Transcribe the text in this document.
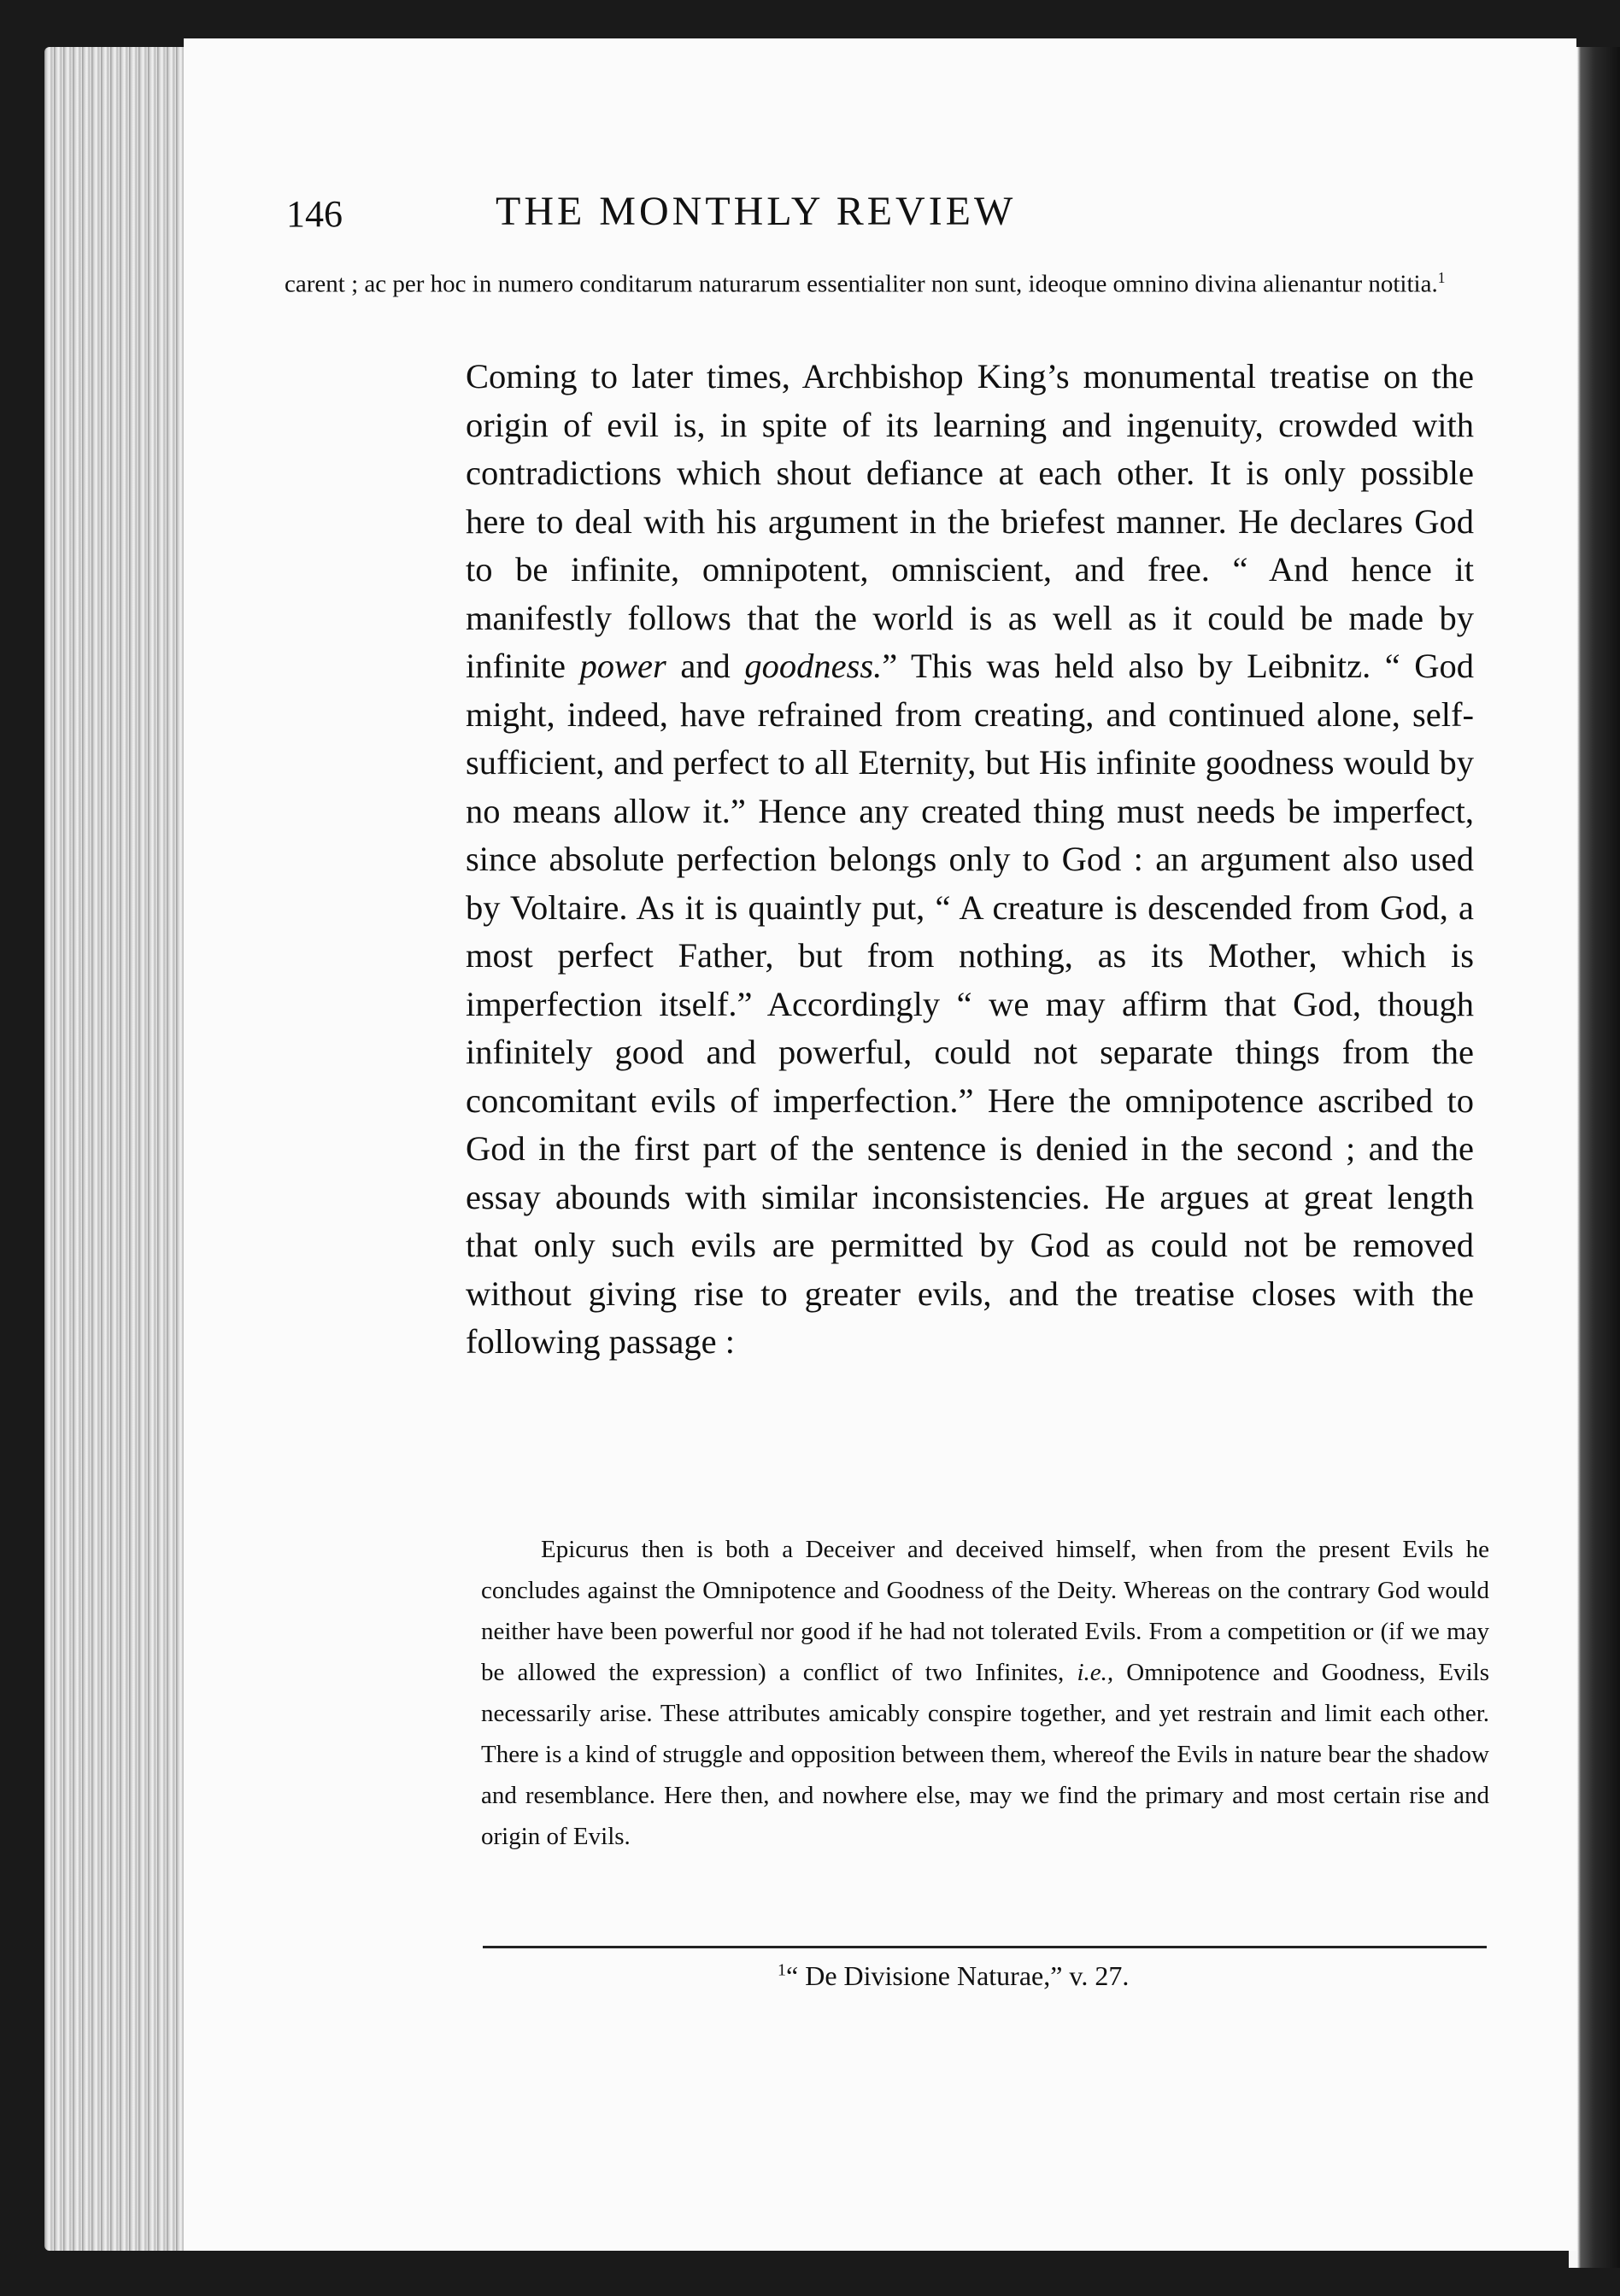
146	THE MONTHLY REVIEW
carent ; ac per hoc in numero conditarum naturarum essentialiter non sunt, ideoque omnino divina alienantur notitia.$^1$
Coming to later times, Archbishop King’s monumental treatise on the origin of evil is, in spite of its learning and ingenuity, crowded with contradictions which shout defiance at each other. It is only possible here to deal with his argument in the briefest manner. He declares God to be infinite, omnipotent, omniscient, and free. “ And hence it manifestly follows that the world is as well as it could be made by infinite power and goodness.” This was held also by Leibnitz. “ God might, indeed, have refrained from creating, and continued alone, self-sufficient, and perfect to all Eternity, but His infinite goodness would by no means allow it.” Hence any created thing must needs be imperfect, since absolute perfection belongs only to God : an argument also used by Voltaire. As it is quaintly put, “ A creature is descended from God, a most perfect Father, but from nothing, as its Mother, which is imperfection itself.” Accordingly “ we may affirm that God, though infinitely good and powerful, could not separate things from the concomitant evils of imperfection.” Here the omnipotence ascribed to God in the first part of the sentence is denied in the second ; and the essay abounds with similar inconsistencies. He argues at great length that only such evils are permitted by God as could not be removed without giving rise to greater evils, and the treatise closes with the following passage :
Epicurus then is both a Deceiver and deceived himself, when from the present Evils he concludes against the Omnipotence and Goodness of the Deity. Whereas on the contrary God would neither have been powerful nor good if he had not tolerated Evils. From a competition or (if we may be allowed the expression) a conflict of two Infinites, i.e., Omnipotence and Goodness, Evils necessarily arise. These attributes amicably conspire together, and yet restrain and limit each other. There is a kind of struggle and opposition between them, whereof the Evils in nature bear the shadow and resemblance. Here then, and nowhere else, may we find the primary and most certain rise and origin of Evils.
$^1$“ De Divisione Naturae,” v. 27.
